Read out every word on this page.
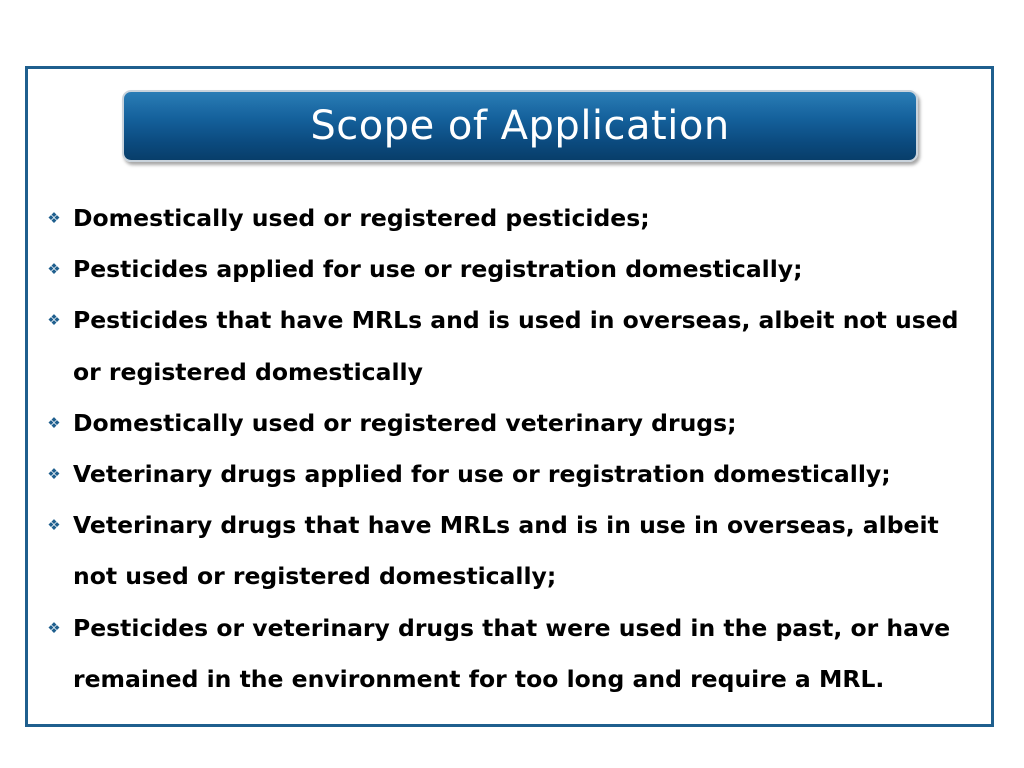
Scope of Application
❖ Domestically used or registered pesticides;
❖ Pesticides applied for use or registration domestically;
❖ Pesticides that have MRLs and is used in overseas, albeit not used or registered domestically
❖ Domestically used or registered veterinary drugs;
❖ Veterinary drugs applied for use or registration domestically;
❖ Veterinary drugs that have MRLs and is in use in overseas, albeit not used or registered domestically;
❖ Pesticides or veterinary drugs that were used in the past, or have remained in the environment for too long and require a MRL.
